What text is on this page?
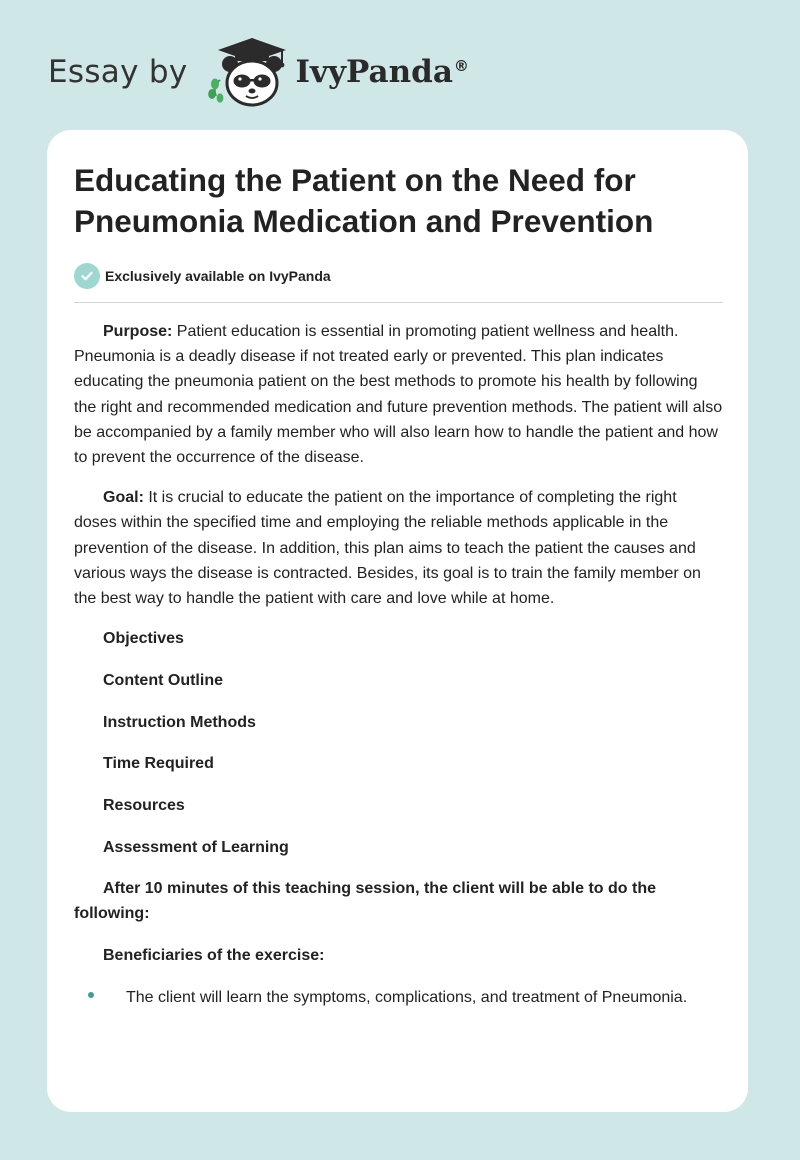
Essay by	IvyPanda®
Educating the Patient on the Need for Pneumonia Medication and Prevention
Exclusively available on IvyPanda

Purpose: Patient education is essential in promoting patient wellness and health. Pneumonia is a deadly disease if not treated early or prevented. This plan indicates educating the pneumonia patient on the best methods to promote his health by following the right and recommended medication and future prevention methods. The patient will also be accompanied by a family member who will also learn how to handle the patient and how to prevent the occurrence of the disease.

Goal: It is crucial to educate the patient on the importance of completing the right doses within the specified time and employing the reliable methods applicable in the prevention of the disease. In addition, this plan aims to teach the patient the causes and various ways the disease is contracted. Besides, its goal is to train the family member on the best way to handle the patient with care and love while at home.

Objectives

Content Outline

Instruction Methods

Time Required

Resources

Assessment of Learning

After 10 minutes of this teaching session, the client will be able to do the following:

Beneficiaries of the exercise:

The client will learn the symptoms, complications, and treatment of Pneumonia.
